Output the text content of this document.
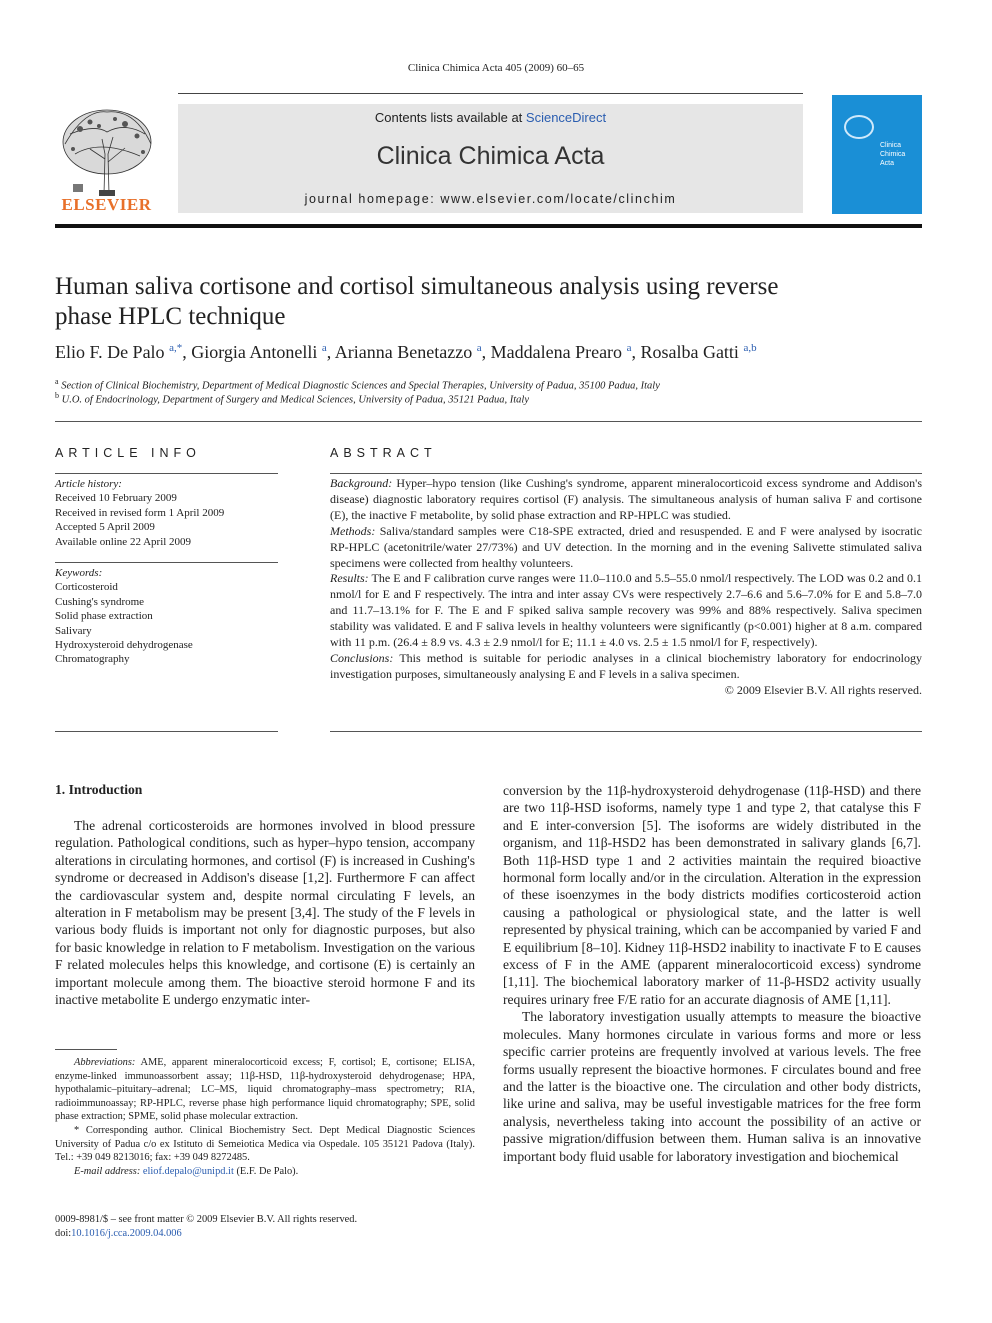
Clinica Chimica Acta 405 (2009) 60–65
ELSEVIER
Contents lists available at ScienceDirect
Clinica Chimica Acta
journal homepage: www.elsevier.com/locate/clinchim
Clinica Chimica Acta
Human saliva cortisone and cortisol simultaneous analysis using reverse phase HPLC technique
Elio F. De Palo $^{a,*}$, Giorgia Antonelli $^a$, Arianna Benetazzo $^a$, Maddalena Prearo $^a$, Rosalba Gatti $^{a,b}$
$^a$ Section of Clinical Biochemistry, Department of Medical Diagnostic Sciences and Special Therapies, University of Padua, 35100 Padua, Italy
$^b$ U.O. of Endocrinology, Department of Surgery and Medical Sciences, University of Padua, 35121 Padua, Italy
ARTICLE INFO
Article history:
Received 10 February 2009
Received in revised form 1 April 2009
Accepted 5 April 2009
Available online 22 April 2009
Keywords:
Corticosteroid
Cushing's syndrome
Solid phase extraction
Salivary
Hydroxysteroid dehydrogenase
Chromatography
ABSTRACT

Background: Hyper–hypo tension (like Cushing's syndrome, apparent mineralocorticoid excess syndrome and Addison's disease) diagnostic laboratory requires cortisol (F) analysis. The simultaneous analysis of human saliva F and cortisone (E), the inactive F metabolite, by solid phase extraction and RP-HPLC was studied.

Methods: Saliva/standard samples were C18-SPE extracted, dried and resuspended. E and F were analysed by isocratic RP-HPLC (acetonitrile/water 27/73%) and UV detection. In the morning and in the evening Salivette stimulated saliva specimens were collected from healthy volunteers.

Results: The E and F calibration curve ranges were 11.0–110.0 and 5.5–55.0 nmol/l respectively. The LOD was 0.2 and 0.1 nmol/l for E and F respectively. The intra and inter assay CVs were respectively 2.7–6.6 and 5.6–7.0% for E and 5.8–7.0 and 11.7–13.1% for F. The E and F spiked saliva sample recovery was 99% and 88% respectively. Saliva specimen stability was validated. E and F saliva levels in healthy volunteers were significantly (p<0.001) higher at 8 a.m. compared with 11 p.m. (26.4 ± 8.9 vs. 4.3 ± 2.9 nmol/l for E; 11.1 ± 4.0 vs. 2.5 ± 1.5 nmol/l for F, respectively).

Conclusions: This method is suitable for periodic analyses in a clinical biochemistry laboratory for endocrinology investigation purposes, simultaneously analysing E and F levels in a saliva specimen.

© 2009 Elsevier B.V. All rights reserved.

1. Introduction

The adrenal corticosteroids are hormones involved in blood pressure regulation. Pathological conditions, such as hyper–hypo tension, accompany alterations in circulating hormones, and cortisol (F) is increased in Cushing's syndrome or decreased in Addison's disease [1,2]. Furthermore F can affect the cardiovascular system and, despite normal circulating F levels, an alteration in F metabolism may be present [3,4]. The study of the F levels in various body fluids is important not only for diagnostic purposes, but also for basic knowledge in relation to F metabolism. Investigation on the various F related molecules helps this knowledge, and cortisone (E) is certainly an important molecule among them. The bioactive steroid hormone F and its inactive metabolite E undergo enzymatic inter-

Abbreviations: AME, apparent mineralocorticoid excess; F, cortisol; E, cortisone; ELISA, enzyme-linked immunoassorbent assay; 11β-HSD, 11β-hydroxysteroid dehydrogenase; HPA, hypothalamic–pituitary–adrenal; LC–MS, liquid chromatography–mass spectrometry; RIA, radioimmunoassay; RP-HPLC, reverse phase high performance liquid chromatography; SPE, solid phase extraction; SPME, solid phase molecular extraction.
* Corresponding author. Clinical Biochemistry Sect. Dept Medical Diagnostic Sciences University of Padua c/o ex Istituto di Semeiotica Medica via Ospedale. 105 35121 Padova (Italy). Tel.: +39 049 8213016; fax: +39 049 8272485.
E-mail address: eliof.depalo@unipd.it (E.F. De Palo).
0009-8981/$ – see front matter © 2009 Elsevier B.V. All rights reserved.
doi:10.1016/j.cca.2009.04.006

conversion by the 11β-hydroxysteroid dehydrogenase (11β-HSD) and there are two 11β-HSD isoforms, namely type 1 and type 2, that catalyse this F and E inter-conversion [5]. The isoforms are widely distributed in the organism, and 11β-HSD2 has been demonstrated in salivary glands [6,7]. Both 11β-HSD type 1 and 2 activities maintain the required bioactive hormonal form locally and/or in the circulation. Alteration in the expression of these isoenzymes in the body districts modifies corticosteroid action causing a pathological or physiological state, and the latter is well represented by physical training, which can be accompanied by varied F and E equilibrium [8–10]. Kidney 11β-HSD2 inability to inactivate F to E causes excess of F in the AME (apparent mineralocorticoid excess) syndrome [1,11]. The biochemical laboratory marker of 11-β-HSD2 activity usually requires urinary free F/E ratio for an accurate diagnosis of AME [1,11].

The laboratory investigation usually attempts to measure the bioactive molecules. Many hormones circulate in various forms and more or less specific carrier proteins are frequently involved at various levels. The free forms usually represent the bioactive hormones. F circulates bound and free and the latter is the bioactive one. The circulation and other body districts, like urine and saliva, may be useful investigable matrices for the free form analysis, nevertheless taking into account the possibility of an active or passive migration/diffusion between them. Human saliva is an innovative important body fluid usable for laboratory investigation and biochemical
